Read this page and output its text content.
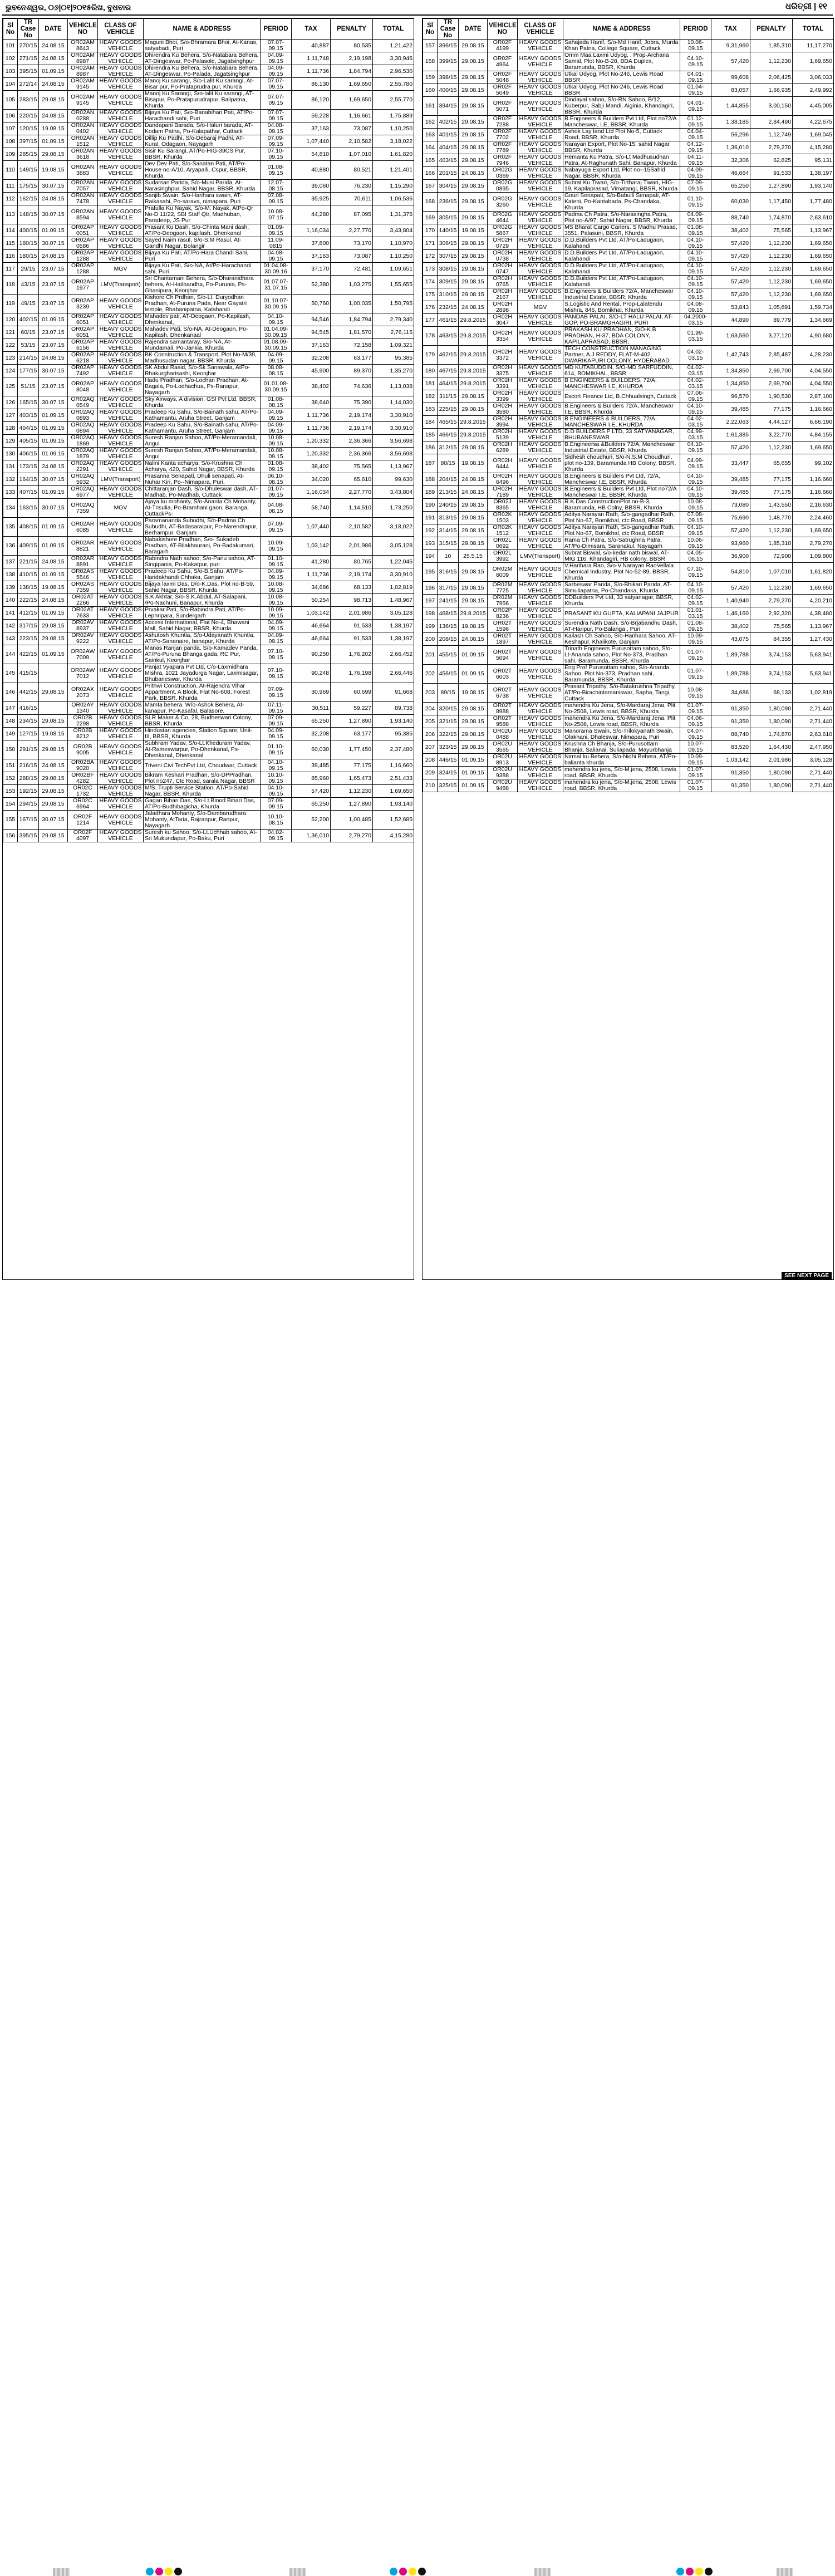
ଭୁବନେଶ୍ୱର, ୦୬|୦୧|୨୦୧୫ରିଖ, ବୁଧବାର	ଧରିତ୍ରୀ | ୧୧
Sl No	TR Case No	DATE	VEHICLE NO	CLASS OF VEHICLE	NAME & ADDRESS	PERIOD	TAX	PENALTY	TOTAL
101	270/15	24.08.15	OR02AM 8643	HEAVY GOODS VEHICLE	Maguni Bhoi, S/o-Bhramara Bhoi, At-Kanas, satyabadi, Puri	07.07-09.15	40,887	80,535	1,21,422
102	271/15	24.08.15	OR02AM 8987	HEAVY GOODS VEHICLE	Dhirendra Ku Behera, S/o-Natabara Behera, AT-Dingeswar, Po-Palasole, Jagatsinghpur	04.09-09.15	1,11,748	2,19,198	3,30,946
103	395/15	01.09.15	OR02AM 8987	HEAVY GOODS VEHICLE	Dhirendra Ku Behera, S/o-Natabara Behera, AT-Dingeswar, Po-Palada, Jagatsinghpur	04.09-09.15	1,11,736	1,84,794	2,96,530
104	272/14	24.08.15	OR02AM 9145	HEAVY GOODS VEHICLE	Manoj Ku sarangi, S/o-Lalit Ku sarangi, At-Bisar pur, Po-Prataprudra pur, Khurda	07.07-09.15	86,130	1,69,650	2,55,780
105	283/15	29.08.15	OR02AM 9145	HEAVY GOODS VEHICLE	Manoj Ku Sarangi, S/o-lalit Ku sarangi, AT-Bisapur, Po-Pratapurudrapur, Balipatna, Khurda	07.07-09.15	86,120	1,69,650	2,55,770
106	220/15	24.08.15	OR02AN 0288	HEAVY GOODS VEHICLE	Bijaya Ku Pati, S/o-Banabihari Pati, AT/Po-Harachandi sahi, Puri	07.07-09.15	59,228	1,16,661	1,75,889
107	120/15	19.08.15	OR02AN 0402	HEAVY GOODS VEHICLE	Dandapani Barada, S/o-Haluri barada, AT-Kodam Patna, Po-Kalapathar, Cuttack	04.08-09.15	37,163	73,087	1,10,250
108	397/15	01.09.15	OR02AN 1512	HEAVY GOODS VEHICLE	Dillip Ku Padhi, S/o-Debaraj Padhi, AT-Kural, Odagaon, Nayagarh	07.09-09.15	1,07,440	2,10,582	3,18,022
109	285/15	29.08.15	OR02AN 3618	HEAVY GOODS VEHICLE	Sisir Ku Sarangi, AT/Po-HIG-39CS Pur, BBSR, Khurda	07.10-09.15	54,810	1,07,010	1,61,820
110	149/15	19.08.15	OR02AN 3883	HEAVY GOODS VEHICLE	Dev Dev Pati, S/o-Sanatan Pati, AT/Po-House no-A/10, Aryapalli, Cspur, BBSR, Khurda	01.08-09.15	40,880	80,521	1,21,401
111	175/15	30.07.15	OR02AN 7057	HEAVY GOODS VEHICLE	Sudarsan Parida, S/o-Musi Parida, At-Narasinghpur, Sahid Nagar, BBSR, Khurda	12.07-08.15	39,060	76,230	1,15,290
112	162/15	24.08.15	OR02AN 7478	HEAVY GOODS VEHICLE	Sanjib Swain, S/o-Harihara swain, AT-Raikasahi, Po-sarava, nimapara, Puri	07.08-09.15	35,925	70,611	1,06,536
113	148/15	30.07.15	OR02AN 8594	HEAVY GOODS VEHICLE	Prafulla Ku Nayak, S/o-M. Nayak, AtPo-Qr No-D 11/22, SBI Staff Qtr, Madhuban, Paradeep, JS Pur	10.08-07.15	44,280	87,095	1,31,375
114	400/15	01.09.15	OR02AP 0051	HEAVY GOODS VEHICLE	Prasant Ku Dash, S/o-Chinta Mani dash, AT/Po-Deogaon, kapilash, Dhenkanal	01.09-09.15	1,16,034	2,27,770	3,43,804
115	180/15	30.07.15	OR02AP 0586	HEAVY GOODS VEHICLE	Sayed Naim rasul, S/o-S.M Rasul, At-Gandhi Nagar, Bolangir	11.09-0815	37,800	73,170	1,10,970
116	180/15	24.08.15	OR02AP 1288	HEAVY GOODS VEHICLE	Bijaya Ku Pati, AT/Po-Hara Chandi Sahi, Puri	04.08-09.15	37,163	73,087	1,10,250
117	29/15	23.07.15	OR02AP 1288	MGV	Bijaya Ku Pati, S/o-NA, At/Po-Harachandi sahi, Puri	01.04.08-30.09.16	37,170	72,481	1,09,651
118	43/15	23.07.15	OR02AP 1977	LMV(Transport)	Sri Chantamani Behera, S/o-Dharanidhara behera, At-Hatibandha, Po-Purunia, Ps-Ghasipura, Keonjhar	01.07.07-31.07.15	52,380	1,03,275	1,55,655
119	49/15	23.07.15	OR02AP 3239	HEAVY GOODS VEHICLE	Kishore Ch Prdhan, S/o-Lt. Duryodhan Pradhan, At-Puruna Pada, Near Gayatri temple, Bhabanipatna, Kalahandi	01.10.07-30.09.15	50,760	1,00,035	1,50,795
120	402/15	01.09.15	OR02AP 6051	HEAVY GOODS VEHICLE	Mahadev pati, AT-Deogaon, Po-Kapilash, Dhenkanal,	04.10-09.15	94,546	1,84,794	2,79,340
121	60/15	23.07.15	OR02AP 6051	HEAVY GOODS VEHICLE	Mahadev Pati, S/o-NA, At-Deogaon, Po-Kapilash, Dhenkanaal	01.04.09-30.09.15	94,545	1,81,570	2,76,115
122	53/15	23.07.15	OR02AP 6156	HEAVY GOODS VEHICLE	Rajendra samantaray, S/o-NA, At-Mundamali, Po-Jankia, Khurda	01.08.09-30.09.15	37,163	72,158	1,09,321
123	214/15	24.08.15	OR02AP 6218	HEAVY GOODS VEHICLE	BK Construction & Transport, Plot No-M/39, Madhusudan nagar, BBSR, Khurda	04.09-09.15	32,208	63,177	95,385
124	177/15	30.07.15	OR02AP 7492	HEAVY GOODS VEHICLE	SK Abdul Rasid, S/o-Sk Sanawala, AtPo-Rhakurgharisashi, Keonjhar	08.08-08.15	45,900	89,370	1,35,270
125	51/15	23.07.15	OR02AP 8048	HEAVY GOODS VEHICLE	Hadu Pradhan, S/o-Lochan Pradhan, At-Bagala, Po-Lodhachua, Ps-Ranapur, Nayagarh	01.01.08-30.09.15	38,402	74,636	1,13,038
126	165/15	30.07.15	OR02AQ 0549	HEAVY GOODS VEHICLE	Sky Airways, A division, GSI Pvt Ltd, BBSR, Khurda	01.08-08.15	38,640	75,390	1,14,030
127	403/15	01.09.15	OR02AQ 0893	HEAVY GOODS VEHICLE	Pradeep Ku Sahu, S/o-Bainath sahu, AT/Po-Kathamantu, Aruha Street, Ganjam	04.09-09.15	1,11,736	2,19,174	3,30,910
128	404/15	01.09.15	OR02AQ 0894	HEAVY GOODS VEHICLE	Pradeep Ku Sahu, S/o-Bainath sahu, AT/Po-Kathamantu, Aruha Street, Ganjam	04.09-09.15	1,11,736	2,19,174	3,30,910
129	405/15	01.09.15	OR02AQ 1869	HEAVY GOODS VEHICLE	Suresh Ranjan Sahoo, AT/Po-Meramandali, Angul	10.08-09.15	1,20,332	2,36,366	3,56,698
130	406/15	01.09.15	OR02AQ 1879	HEAVY GOODS VEHICLE	Suresh Ranjan Sahoo, AT/Po-Meramandali, Angul	10.08-09.15	1,20,332	2,36,366	3,56,698
131	173/15	24.08.15	OR02AQ 2291	HEAVY GOODS VEHICLE	Nalini Kanta acharya, S/o-Krushna Ch Acharya, 420, Sahid Nagar, BBSR, Khurda	01.08-09.15	38,402	75,565	1,13,967
132	164/15	30.07.15	OR02AQ 5932	LMV(Transport)	Prasanna Senapati, Dhuli senapati. At-Nuhar Kiri, Po--Nimapara, Puri.	06.10-08.15	34,020	65,610	99,630
133	407/15	01.09.15	OR02AQ 6977	HEAVY GOODS VEHICLE	Chittaranjan Dash, S/o-Dhuleswar dash, AT-Madhab, Po-Madhab, Cuttack	01.07-09.15	1,16,034	2,27,770	3,43,804
134	163/15	30.07.15	OR02AQ 7359	MGV	Ajaya ku mohanty, S/o-Ananta Ch Mohanty, At-Trisulia, Po-Bramhani gaon, Baranga, CuttackPs-	04.08-08.15	58,740	1,14,510	1,73,250
135	408/15	01.09.15	OR02AR 6085	HEAVY GOODS VEHICLE	Paramananda Subudhi, S/o-Padma Ch Subudhi, AT-Badasaraipur, Po-Narendrapur, Berhampur, Ganjam	07.09-09.15	1,07,440	2,10,582	3,18,022
136	409/15	01.09.15	OR02AR 8821	HEAVY GOODS VEHICLE	Nabakishore Pradhan, S/o- Sukadeb Pradhan, AT-Bilakhaurani, Po-Badakumari, Baragarh	10.09-09.15	1,03,142	2,01,986	3,05,128
137	221/15	24.08.15	OR02AR 8891	HEAVY GOODS VEHICLE	Rabindra Nath sahoo, S/o-Panu sahoo, AT-Singipania, Po-Kakatpur, puri	01.10-09.15	41,280	80,765	1,22,045
138	410/15	01.09.15	OR02AS 5546	HEAVY GOODS VEHICLE	Pradeep Ku Sahu, S/o-B.Sahu, AT/Po-Haridakhandi Chhaka, Ganjam	04.09-09.15	1,11,736	2,19,174	3,30,910
139	138/15	19.08.15	OR02AS 7359	HEAVY GOODS VEHICLE	Bijaya laxmi Das, D/o-K.Das, Plot no-B-59, Sahid Nagar, BBSR, Khurda	10.08-09.15	34,686	68,133	1,02,819
140	222/15	24.08.15	OR02AT 2266	HEAVY GOODS VEHICLE	S.K Akhtar, S/o-S.K.Abdul, AT-Salapani, /Po-Nachuni, Banapur, Khurda	10.08-09.15	50,254	98,713	1,48,967
141	412/15	01.09.15	OR02AT 7633	HEAVY GOODS VEHICLE	Prvakar Pati, S/o-Rabindra Pati, AT/Po-Lephripara, Sundergarh	10.09-09.15	1,03,142	2,01,986	3,05,128
142	317/15	29.08.15	OR02AV 8937	HEAVY GOODS VEHICLE	Access International, Flat No-4, Bhawani Mall, Sahid Nagar, BBSR, Khurda	04.09-09.15	46,664	91,533	1,38,197
143	223/15	29.08.15	OR02AV 9222	HEAVY GOODS VEHICLE	Ashutosh Khuntia, S/o-Udayanath Khuntia, AT/Po-Sananaire, banapur, Khurda	04.09-09.15	46,664	91,533	1,38,197
144	422/15	01.09.15	OR02AW 7009	HEAVY GOODS VEHICLE	Manas Ranjan panda, S/o-Kamadev Panda, AT/Po-Puruna Bhanga gada, RC Pur, Sainkul, Keonjhar	07.10-09.15	90,250	1,76,202	2,66,452
145	415/15		OR02AW 7012	HEAVY GOODS VEHICLE	Panjat Vyapara Pvt Ltd, C/o-Laxmidhara Mishra, 1021 Jayadurga Nagar, Laxmisagar, Bhubaneswar, Khurda	07.10-09.15	90,248	1,76,198	2,66,446
146	442/15	29.08.15	OR02AX 2073	HEAVY GOODS VEHICLE	Prithwi Construction, At-Rajendra Vihar Appartment, A Block, Flat No-608, Forest Park, BBSR, Khurda	07.09-09.15	30,969	60,699	91,668
147	416/15		OR02AY 1340	HEAVY GOODS VEHICLE	Mamta behera, W/o-Ashok Behera, At-kanapur, Po-Kasafal, Balasore.	07.11-09.15	30,511	59,227	89,738
148	234/15	29.08.15	OR02B 2298	HEAVY GOODS VEHICLE	SLR Maker & Co, 28, Budheswari Colony, BBSR, Khurda	07.09-09.15	65,250	1,27,890	1,93,140
149	127/15	19.08.15	OR02B 8212	HEAVY GOODS VEHICLE	Hindustan agencies, Station Square, Unit-III, BBSR, Khurda	04.09-09.15	32,208	63,177	95,385
150	291/15	29.08.15	OR02B 9005	HEAVY GOODS VEHICLE	Subhram Yadav, S/o-Lt.Kheduram Yadav, At-Rameswarpur, Po-Dhenkanal, Ps-Dhenkanal, Dhenkanal	01.10-09.15	60,030	1,77,450	2,37,480
151	216/15	24.08.15	OR02BA 9020	HEAVY GOODS VEHICLE	Triveni Civi TechPvt Ltd, Choudwar, Cuttack	04.10-09.15	39,485	77,175	1,16,660
152	288/15	29.08.15	OR02BF 4282	HEAVY GOODS VEHICLE	Bikram Keshari Pradhan, S/o-DPPradhan, Plot no247, Ctc Road, sarala Nagar, BBSR	10.10-09.15	85,960	1,65,473	2,51,433
153	192/15	29.08.15	OR02C 1732	HEAVY GOODS VEHICLE	M/S. Trupti Service Station, AT/Po-Sahid Nagar, BBSR, Khurda	04.10-09.15	57,420	1,12,230	1,69,650
154	294/15	29.08.15	OR02C 6964	HEAVY GOODS VEHICLE	Gagan Bihari Das, S/o-Lt.Binod Bihari Das, AT/Po-Budhibagicha, Khurda	07.09-09.15	65,250	1,27,890	1,93,140
155	167/15	30.07.15	OR02F 1214	HEAVY GOODS VEHICLE	Jaladhara Mohanty, S/o-Dambarudhara Mohanty, AtTaria, Rajranpur, Ranpur, Nayagarh	10.10-08.15	52,200	1,00,485	1,52,685
156	395/15	29.08.15	OR02F 4097	HEAVY GOODS VEHICLE	Suresh ku Sahoo, S/o-Lt.Uchhab sahoo, At-Sri Mukundapur, Po-Baku, Puri	04.02-09.15	1,36,010	2,79,270	4,15,280
Sl No	TR Case No	DATE	VEHICLE NO	CLASS OF VEHICLE	NAME & ADDRESS	PERIOD	TAX	PENALTY	TOTAL
157	396/15	29.08.15	OR02F 4199	HEAVY GOODS VEHICLE	Sahajada Hanif, S/o-Md Hanif, Jobra, Murda Khan Patna, College Square, Cuttack	10.06-09.15	9,31,960	1,85,310	11,17,270
158	399/15	29.08.15	OR02F 4964	HEAVY GOODS VEHICLE	Omm Maa Laxmi Udyog, . Prop-Archana Samal, Plot No-B-28, BDA Duplex, Baramunda, BBSR, Khurda	04.10-09.15	57,420	1,12,230	1,69,650
159	398/15	29.08.15	OR02F 5048	HEAVY GOODS VEHICLE	Utkal Udyog, Plot No-246, Lewis Road BBSR	04.01-09.15	99,608	2,06,425	3,06,033
160	400/15	29.08.15	OR02F 5049	HEAVY GOODS VEHICLE	Utkal Udyog, Plot No-246, Lewis Road BBSR	01.04-09.15	83,057	1,66,935	2,49,992
161	394/15	29.08.15	OR02F 5071	HEAVY GOODS VEHICLE	Dindayal sahoo, S/o-RN Sahoo, B/12, Kuberpur, Sabji Mandi, Aiginia, Khandagiri, BBSR, Khurda	04.01-09.15	1,44,855	3,00,150	4,45,005
162	402/15	29.08.15	OR02F 7288	HEAVY GOODS VEHICLE	B.Engineers & Builders Pvt Ltd, Plot no72/A Mancheswar, I.E, BBSR, Khurda	01.12-09.15	1,38,185	2,84,490	4,22,675
163	401/15	29.08.15	OR02F 7702	HEAVY GOODS VEHICLE	Ashok Lay land Ltd Plot No-5, Cuttack Road, BBSR, Khurda	04.04-09.15	56,296	1,12,749	1,69,045
164	404/15	29.08.15	OR02F 7789	HEAVY GOODS VEHICLE	Narayan Export, Plot No-15, sahid Nagar BBSR, Khurda	04.12-09.15	1,36,010	2,79,270	4,15,280
165	403/15	29.08.15	OR02F 7946	HEAVY GOODS VEHICLE	Hemanta Ku Patra, S/o-Lt Madhusudhan Patra, At-Raghunath Sahi, Banapur, Khurda	04.11-09.15	32,306	62,825	95,131
166	201/15	24.08.15	OR02G 0369	HEAVY GOODS VEHICLE	Nabayuga Export Ltd, Plot no--15Sahid Nagar, BBSR, Khurda	04.09-09.15	46,664	91,533	1,38,197
167	304/15	29.08.15	OR02G 0895	HEAVY GOODS VEHICLE	Subrat Ku Tiwari, S/o-Tirtharaj Tiwari, HIG-19, Kapilaprasad, Vimatangi, BBSR, Khurda	07.09-09.15	65,250	1,27,890	1,93,140
168	236/15	29.08.15	OR02G 3260	HEAVY GOODS VEHICLE	Gouri Senapati, S/o-Babulli Senapati, AT-Kateni, Po-Kantabada, Ps-Chandaka, Khurda	01.10-09.15	60,030	1,17,450	1,77,480
169	305/15	29.08.15	OR02G 4644	HEAVY GOODS VEHICLE	Padma Ch Patra, S/o-Narasingha Patra, Plot no-A/97, Sahid Nagar, BBSR, Khurda	04.09-09.15	88,740	1,74,870	2,63,610
170	140/15	19.08.15	OR02G 5867	HEAVY GOODS VEHICLE	MS Bharat Cargo Cariers, S Madhu Prasad, 3551, Palasuni, BBSR, Khurda	01.08-09.15	38,402	75,565	1,13,967
171	306/15	29.08.15	OR02H 0729	HEAVY GOODS VEHICLE	D.D.Builders Pvt Ltd, AT/Po-Ladugaon, Kalahandi	04.10-09.15	57,420	1,12,230	1,69,650
172	307/15	29.08.15	OR02H 0738	HEAVY GOODS VEHICLE	D.D.Builders Pvt Ltd, AT/Po-Ladugaon, Kalahandi	04.10-09.15	57,420	1,12,230	1,69,650
173	308/15	29.08.15	OR02H 0747	HEAVY GOODS VEHICLE	D.D.Builders Pvt Ltd, AT/Po-Ladugaon, Kalahandi	04.10-09.15	57,420	1,12,230	1,69,650
174	309/15	29.08.15	OR02H 0765	HEAVY GOODS VEHICLE	D.D.Builders Pvt Ltd, AT/Po-Ladugaon, Kalahandi	04.10-09.15	57,420	1,12,230	1,69,650
175	310/15	29.08.15	OR02H 2167	HEAVY GOODS VEHICLE	B.Engineers & Builders 72/A, Mancheswar Industrial Estate, BBSR, Khurda	04.10-09.15	57,420	1,12,230	1,69,650
176	232/15	24.08.15	OR02H 2898	MGV	S.Logistic And Rental, Prop-Lalatendu Mishra, 846, Bomikhal, Khurda	04.08-09.15	53,843	1,05,891	1,59,734
177	461/15	29.8.2015	OR02H 3047	HEAVY GOODS VEHICLE	PANDAB PALAI, S/O-LT HALU PALAI, AT-GOP, PO-BRAMGHAGIRI, PURI	04.2000-03.15	44,890	89,779	1,34,669
178	463/15	29.8.2015	OR02H 3354	HEAVY GOODS VEHICLE	PRAKASH KU PRADHAN, S/O-K.B PRADHAN, H-37, BDA COLONY, KAPILAPRASAD, BBSR,	01.99-03.15	1,63,560	3,27,120	4,90,680
179	462/15	29.8.2015	OR02H 3372	HEAVY GOODS VEHICLE	TECH CONSTRUCTION MANAGING Partner, A.J REDDY, FLAT-M-402, DWARIKAPURI COLONY, HYDERABAD	04.02-03.15	1,42,743	2,85,487	4,28,230
180	467/15	29.8.2015	OR02H 3375	HEAVY GOODS VEHICLE	MD KUTABUDDIN, S/O-MD SARFUDDIN, 614, BOMIKHAL, BBSR	04.02-03.15	1,34,850	2,69,700	4,04,550
181	464/15	29.8.2015	OR02H 3391	HEAVY GOODS VEHICLE	B ENGINEERS & BUILDERS, 72/A, MANCHESWAR I.E, KHURDA	04.02-03.15	1,34,850	2,69,700	4,04,550
182	311/15	29.08.15	OR02H 3399	HEAVY GOODS VEHICLE	Escort Finance Ltd, B.Chhualsingh, Cuttack	07.06-09.15	96,570	1,90,530	2,87,100
183	225/15	29.08.15	OR02H 3580	HEAVY GOODS VEHICLE	B.Engineers & Builders 72/A, Mancheswar I.E, BBSR, Khurda	04.10-09.15	39,485	77,175	1,16,660
184	465/15	29.8.2015	OR02H 3994	HEAVY GOODS VEHICLE	B ENGINEERS & BUILDERS, 72/A, MANCHESWAR I.E, KHURDA	04.02-03.15	2,22,063	4,44,127	6,66,190
185	466/15	29.8.2015	OR02H 5139	HEAVY GOODS VEHICLE	D.D BUILDERS P LTD, 33 SATYANAGAR, BHUBANESWAR	04.99-03.15	1,61,385	3,22,770	4,84,155
186	312/15	29.08.15	OR02H 6289	HEAVY GOODS VEHICLE	B.Engineersa &Builders 72/A, Mancheswar Industrial Estate, BBSR, Khurda	04.10-09.15	57,420	1,12,230	1,69,650
187	80/15	19.08.15	OR02H 6444	HEAVY GOODS VEHICLE	Sidhesh choudhuri, S/o-N.S.M Choudhuri, plot no-139, Baramunda HB Colony, BBSR, Khurda	04.09-09.15	33,447	65,655	99,102
188	204/15	24.08.15	OR02H 6496	HEAVY GOODS VEHICLE	B.Engineers & Builders Pvt Ltd, 72/A, Mancheswar I.E, BBSR, Khurda	04.10-09.15	39,485	77,175	1,16,660
189	213/15	24.08.15	OR02H 7189	HEAVY GOODS VEHICLE	B.Engineers & Builders Pvt Ltd, Plot no72/A Mancheswar I.E, BBSR, Khurda	04.10-09.15	39,485	77,175	1,16,660
190	240/15	29.08.15	OR02J 8365	HEAVY GOODS VEHICLE	R.K.Das ConstructionPlot no-B-3, Baramunda, HB Colny, BBSR, Khurda	10.08-09.15	73,080	1,43,550	2,16,630
191	313/15	29.08.15	OR02K 1503	HEAVY GOODS VEHICLE	Aditya Narayan Rath, S/o-gangadhar Rath, Plot No-67, Bomikhal, ctc Road, BBSR	07.08-09.15	75,690	1,48,770	2,24,460
192	314/15	29.08.15	OR02K 1512	HEAVY GOODS VEHICLE	Aditya Narayan Rath, S/o-gangadhar Rath, Plot No-67, Bomikhal, ctc Road, BBSR	04.10-09.15	57,420	1,12,230	1,69,650
193	315/15	29.08.15	OR02L 0692	HEAVY GOODS VEHICLE	Rama Ch Patra, S/o-Satrughna Patra, AT/Po-Dimisara, Saranakul, Nayagarh	10.06-09.15	93,960	1,85,310	2,79,270
194	10	25.5.15	OR02L 3992	LMV(Transport)	Subrat Biswal, s/o-kedar nath biswal, AT-MIG 116, Khandagiri, HB colony, BBSR	04.05-06.15	36,900	72,900	1,09,800
195	316/15	29.08.15	OR02M 6009	HEAVY GOODS VEHICLE	V.Harihara Rao, S/o-V.Narayan RaoVellala Chemical Industry, Plot No-52-89, BBSR, Khurda	07.10-09.15	54,810	1,07,010	1,61,820
196	317/15	29.08.15	OR02M 7725	HEAVY GOODS VEHICLE	Sarbeswar Parida, S/o-Bhikari Parida, AT-Simuliapatna, Po-Chandaka, Khurda	04.10-09.15	57,420	1,12,230	1,69,650
197	241/15	29.08.15	OR02M 7956	HEAVY GOODS VEHICLE	DDBuilders Pvt Ltd, 33 satyanagar, BBSR, Khurda	04.02-09.15	1,40,940	2,79,270	4,20,210
198	468/15	29.8.2015	OR02P 8236	HEAVY GOODS VEHICLE	PRASANT KU GUPTA, KALIAPANI JAJPUR	01.01-03.15	1,46,160	2,92,320	4,38,480
199	136/15	19.08.15	OR02T 1596	HEAVY GOODS VEHICLE	Surendra Nath Dash, S/o-Brjabandhu Dash, AT-Haripur, Po-Balanga , Puri	01.08-09.15	38,402	75,565	1,13,967
200	208/15	24.08.15	OR02T 1897	HEAVY GOODS VEHICLE	Kailash Ch Sahoo, S/o-Harihara Sahoo, AT-Keshapur, Khalikote, Ganjam	10.09-09.15	43,075	84,355	1,27,430
201	455/15	01.09.15	OR02T 5094	HEAVY GOODS VEHICLE	Trinath Engineers Purusottam sahoo, S/o-Lt-Ananda sahoo, Plot No-373, Pradhan sahi, Baramunda, BBSR, Khurda	01.07-09.15	1,89,788	3,74,153	5,63,941
202	456/15	01.09.15	OR02T 6003	HEAVY GOODS VEHICLE	Eng Prof Purusottam sahoo, S/o-Ananda Sahoo, Plot No-373, Pradhan sahi, Baramunda, BBSR, Khurda	01.07-09.15	1,89,788	3,74,153	5,63,941
203	89/15	19.08.15	OR02T 6738	HEAVY GOODS VEHICLE	Prasant Tripathy, S/o-Batakrushna Tripathy, AT/Po-Birachintamaniswar, Sapha, Tangi, Cuttack	10.08-09.15	34,686	68,133	1,02,819
204	320/15	29.08.15	OR02T 8988	HEAVY GOODS VEHICLE	mahendra Ku Jena, S/o-Mardaraj Jena, Plit No-2508, Lewis road, BBSR, Khurda	01.07-09.15	91,350	1,80,090	2,71,440
205	321/15	29.08.15	OR02T 9588	HEAVY GOODS VEHICLE	mahendra Ku Jena, S/o-Mardaraj Jena, Plit No-2508, Lewis road, BBSR, Khurda	04.06-09.15	91,350	1,80,090	2,71,440
206	322/15	29.08.15	OR02U 0488	HEAVY GOODS VEHICLE	Manorama Swain, S/o-Trilokyanath Swain, Olakhani, Dhaleswar, Nimapara, Puri	04.07-09.15	88,740	1,74,870	2,63,610
207	323/15	29.08.15	OR02U 3565	HEAVY GOODS VEHICLE	Krushna Ch Bhanja, S/o-Purusottam Bhanja, Salianai, Suliapada, Mayurbhanja	10.07-09.15	83,520	1,64,430	2,47,950
208	446/15	01.09.15	OR02U 8913	HEAVY GOODS VEHICLE	Nirmal ku Behera, S/o-Nidhi Behera, AT/Po-balianta khurda	10.09-09.15	1,03,142	2,01,986	3,05,128
209	324/15	01.09.15	OR02U 9388	HEAVY GOODS VEHICLE	mahendra ku jena, S/o-M.jena, 2508, Lewis road, BBSR, Khurda	01.07-09.15	91,350	1,80,090	2,71,440
210	325/15	01.09.15	OR02U 9488	HEAVY GOODS VEHICLE	mahendra ku jena, S/o-M.jena, 2508, Lewis road, BBSR, Khurda	01.07-09.15	91,350	1,80,090	2,71,440
SEE NEXT PAGE
